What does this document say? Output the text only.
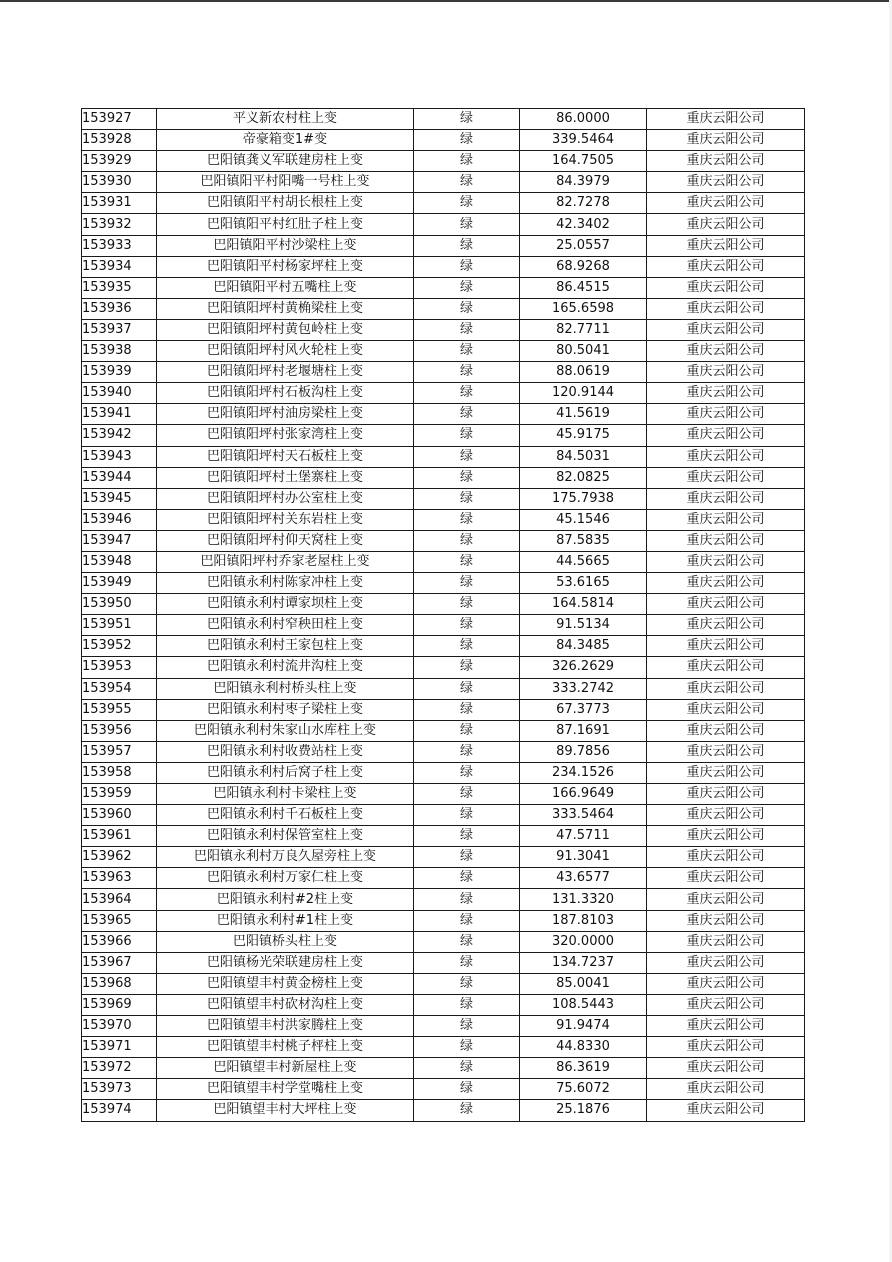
153927	平义新农村柱上变	绿	86.0000	重庆云阳公司
153928	帝豪箱变1#变	绿	339.5464	重庆云阳公司
153929	巴阳镇龚义军联建房柱上变	绿	164.7505	重庆云阳公司
153930	巴阳镇阳平村阳嘴一号柱上变	绿	84.3979	重庆云阳公司
153931	巴阳镇阳平村胡长根柱上变	绿	82.7278	重庆云阳公司
153932	巴阳镇阳平村红肚子柱上变	绿	42.3402	重庆云阳公司
153933	巴阳镇阳平村沙梁柱上变	绿	25.0557	重庆云阳公司
153934	巴阳镇阳平村杨家坪柱上变	绿	68.9268	重庆云阳公司
153935	巴阳镇阳平村五嘴柱上变	绿	86.4515	重庆云阳公司
153936	巴阳镇阳坪村黄桷梁柱上变	绿	165.6598	重庆云阳公司
153937	巴阳镇阳坪村黄包岭柱上变	绿	82.7711	重庆云阳公司
153938	巴阳镇阳坪村风火轮柱上变	绿	80.5041	重庆云阳公司
153939	巴阳镇阳坪村老堰塘柱上变	绿	88.0619	重庆云阳公司
153940	巴阳镇阳坪村石板沟柱上变	绿	120.9144	重庆云阳公司
153941	巴阳镇阳坪村油房梁柱上变	绿	41.5619	重庆云阳公司
153942	巴阳镇阳坪村张家湾柱上变	绿	45.9175	重庆云阳公司
153943	巴阳镇阳坪村天石板柱上变	绿	84.5031	重庆云阳公司
153944	巴阳镇阳坪村土堡寨柱上变	绿	82.0825	重庆云阳公司
153945	巴阳镇阳坪村办公室柱上变	绿	175.7938	重庆云阳公司
153946	巴阳镇阳坪村关东岩柱上变	绿	45.1546	重庆云阳公司
153947	巴阳镇阳坪村仰天窝柱上变	绿	87.5835	重庆云阳公司
153948	巴阳镇阳坪村乔家老屋柱上变	绿	44.5665	重庆云阳公司
153949	巴阳镇永利村陈家冲柱上变	绿	53.6165	重庆云阳公司
153950	巴阳镇永利村谭家坝柱上变	绿	164.5814	重庆云阳公司
153951	巴阳镇永利村窄秧田柱上变	绿	91.5134	重庆云阳公司
153952	巴阳镇永利村王家包柱上变	绿	84.3485	重庆云阳公司
153953	巴阳镇永利村流井沟柱上变	绿	326.2629	重庆云阳公司
153954	巴阳镇永利村桥头柱上变	绿	333.2742	重庆云阳公司
153955	巴阳镇永利村枣子梁柱上变	绿	67.3773	重庆云阳公司
153956	巴阳镇永利村朱家山水库柱上变	绿	87.1691	重庆云阳公司
153957	巴阳镇永利村收费站柱上变	绿	89.7856	重庆云阳公司
153958	巴阳镇永利村后窝子柱上变	绿	234.1526	重庆云阳公司
153959	巴阳镇永利村卡梁柱上变	绿	166.9649	重庆云阳公司
153960	巴阳镇永利村千石板柱上变	绿	333.5464	重庆云阳公司
153961	巴阳镇永利村保管室柱上变	绿	47.5711	重庆云阳公司
153962	巴阳镇永利村万良久屋旁柱上变	绿	91.3041	重庆云阳公司
153963	巴阳镇永利村万家仁柱上变	绿	43.6577	重庆云阳公司
153964	巴阳镇永利村#2柱上变	绿	131.3320	重庆云阳公司
153965	巴阳镇永利村#1柱上变	绿	187.8103	重庆云阳公司
153966	巴阳镇桥头柱上变	绿	320.0000	重庆云阳公司
153967	巴阳镇杨光荣联建房柱上变	绿	134.7237	重庆云阳公司
153968	巴阳镇望丰村黄金榜柱上变	绿	85.0041	重庆云阳公司
153969	巴阳镇望丰村砍材沟柱上变	绿	108.5443	重庆云阳公司
153970	巴阳镇望丰村洪家腾柱上变	绿	91.9474	重庆云阳公司
153971	巴阳镇望丰村桃子枰柱上变	绿	44.8330	重庆云阳公司
153972	巴阳镇望丰村新屋柱上变	绿	86.3619	重庆云阳公司
153973	巴阳镇望丰村学堂嘴柱上变	绿	75.6072	重庆云阳公司
153974	巴阳镇望丰村大坪柱上变	绿	25.1876	重庆云阳公司
